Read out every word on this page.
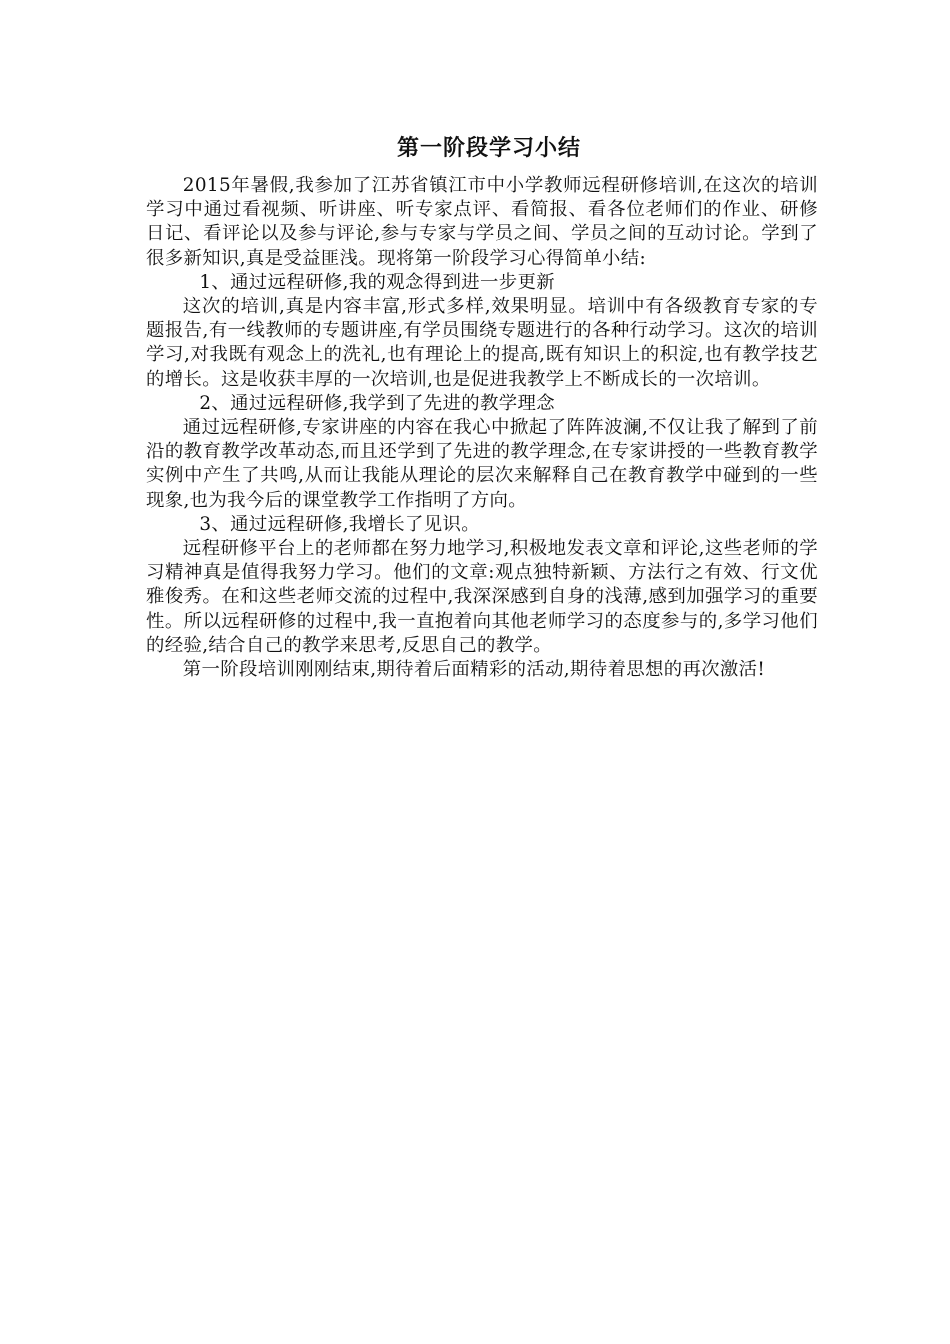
第一阶段学习小结

2015年暑假,我参加了江苏省镇江市中小学教师远程研修培训,在这次的培训学习中通过看视频、听讲座、听专家点评、看简报、看各位老师们的作业、研修日记、看评论以及参与评论,参与专家与学员之间、学员之间的互动讨论。学到了很多新知识,真是受益匪浅。现将第一阶段学习心得简单小结:

1、通过远程研修,我的观念得到进一步更新

这次的培训,真是内容丰富,形式多样,效果明显。培训中有各级教育专家的专题报告,有一线教师的专题讲座,有学员围绕专题进行的各种行动学习。这次的培训学习,对我既有观念上的洗礼,也有理论上的提高,既有知识上的积淀,也有教学技艺的增长。这是收获丰厚的一次培训,也是促进我教学上不断成长的一次培训。

2、通过远程研修,我学到了先进的教学理念

通过远程研修,专家讲座的内容在我心中掀起了阵阵波澜,不仅让我了解到了前沿的教育教学改革动态,而且还学到了先进的教学理念,在专家讲授的一些教育教学实例中产生了共鸣,从而让我能从理论的层次来解释自己在教育教学中碰到的一些现象,也为我今后的课堂教学工作指明了方向。

3、通过远程研修,我增长了见识。

远程研修平台上的老师都在努力地学习,积极地发表文章和评论,这些老师的学习精神真是值得我努力学习。他们的文章:观点独特新颖、方法行之有效、行文优雅俊秀。在和这些老师交流的过程中,我深深感到自身的浅薄,感到加强学习的重要性。所以远程研修的过程中,我一直抱着向其他老师学习的态度参与的,多学习他们的经验,结合自己的教学来思考,反思自己的教学。

第一阶段培训刚刚结束,期待着后面精彩的活动,期待着思想的再次激活!
